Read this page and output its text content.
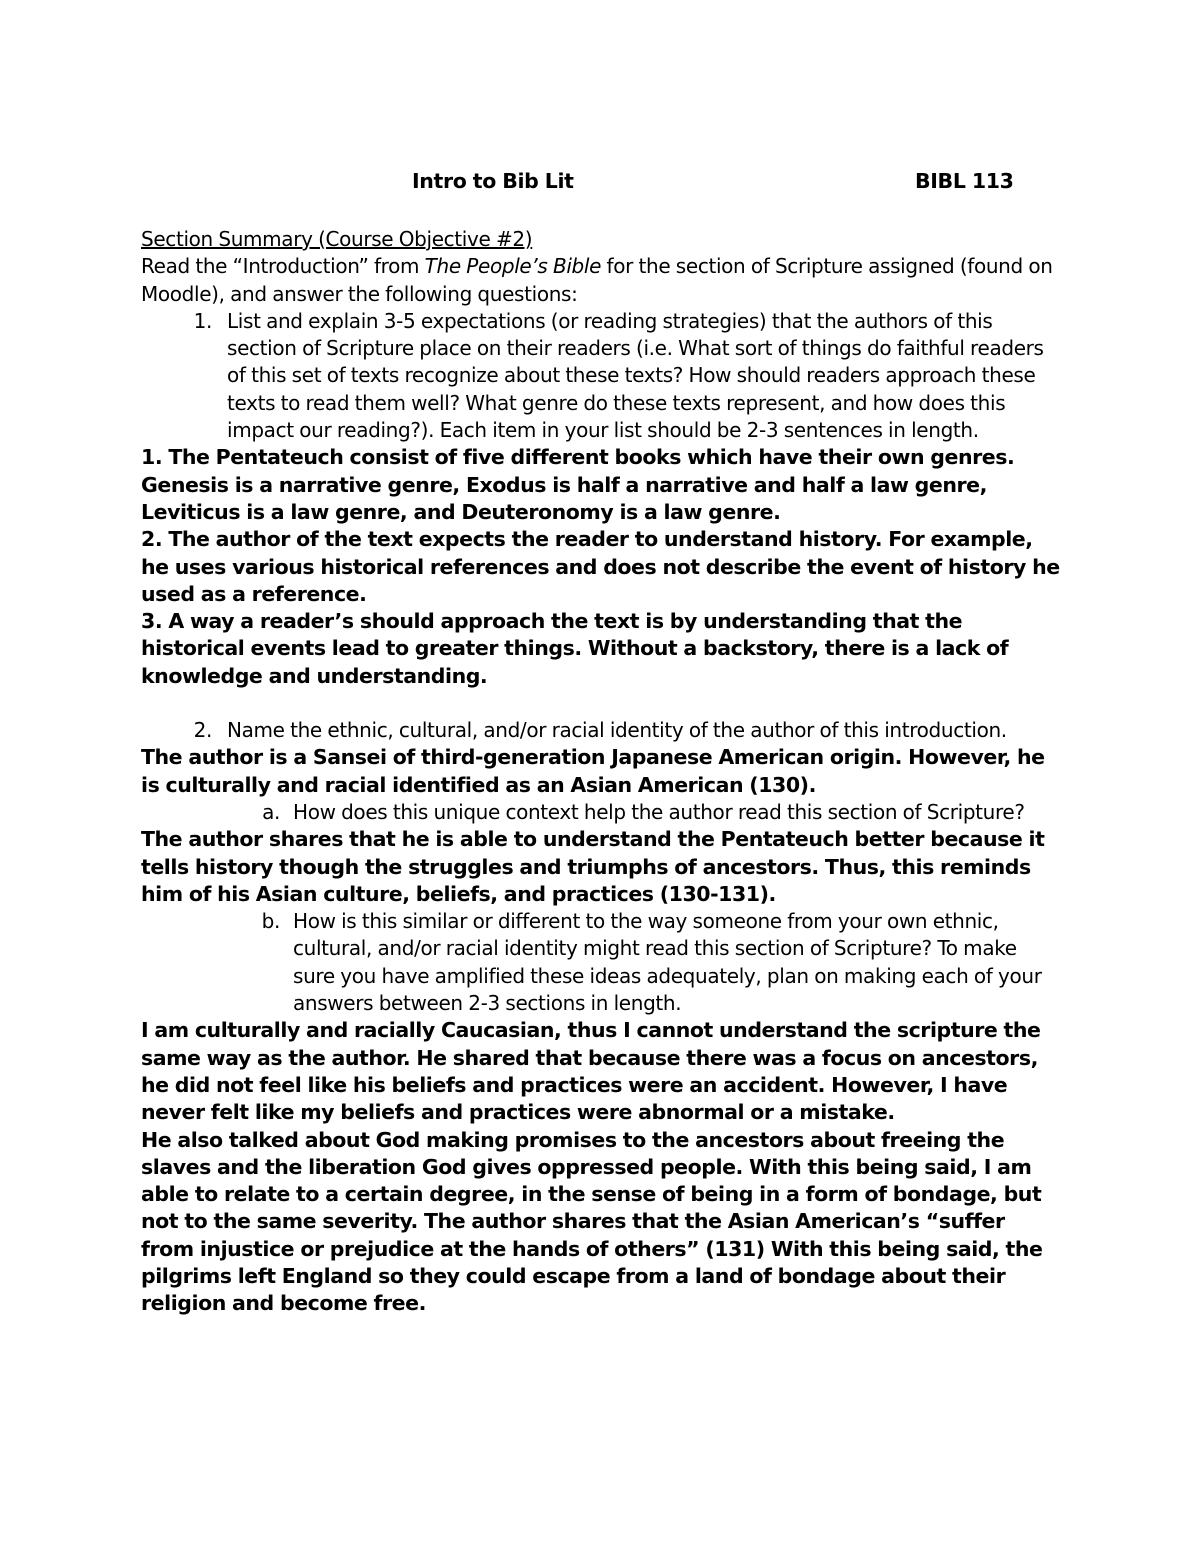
Intro to Bib Lit	BIBL 113
Section Summary (Course Objective #2)

Read the “Introduction” from The People’s Bible for the section of Scripture assigned (found on Moodle), and answer the following questions:

1. List and explain 3-5 expectations (or reading strategies) that the authors of this section of Scripture place on their readers (i.e. What sort of things do faithful readers of this set of texts recognize about these texts? How should readers approach these texts to read them well? What genre do these texts represent, and how does this impact our reading?). Each item in your list should be 2-3 sentences in length.

1. The Pentateuch consist of five different books which have their own genres. Genesis is a narrative genre, Exodus is half a narrative and half a law genre, Leviticus is a law genre, and Deuteronomy is a law genre.

2. The author of the text expects the reader to understand history. For example, he uses various historical references and does not describe the event of history he used as a reference.

3. A way a reader’s should approach the text is by understanding that the historical events lead to greater things. Without a backstory, there is a lack of knowledge and understanding.

2. Name the ethnic, cultural, and/or racial identity of the author of this introduction.

The author is a Sansei of third-generation Japanese American origin. However, he is culturally and racial identified as an Asian American (130).

a. How does this unique context help the author read this section of Scripture?

The author shares that he is able to understand the Pentateuch better because it tells history though the struggles and triumphs of ancestors. Thus, this reminds him of his Asian culture, beliefs, and practices (130-131).

b. How is this similar or different to the way someone from your own ethnic, cultural, and/or racial identity might read this section of Scripture? To make sure you have amplified these ideas adequately, plan on making each of your answers between 2-3 sections in length.

I am culturally and racially Caucasian, thus I cannot understand the scripture the same way as the author. He shared that because there was a focus on ancestors, he did not feel like his beliefs and practices were an accident. However, I have never felt like my beliefs and practices were abnormal or a mistake.

He also talked about God making promises to the ancestors about freeing the slaves and the liberation God gives oppressed people. With this being said, I am able to relate to a certain degree, in the sense of being in a form of bondage, but not to the same severity. The author shares that the Asian American’s “suffer from injustice or prejudice at the hands of others” (131) With this being said, the pilgrims left England so they could escape from a land of bondage about their religion and become free.
